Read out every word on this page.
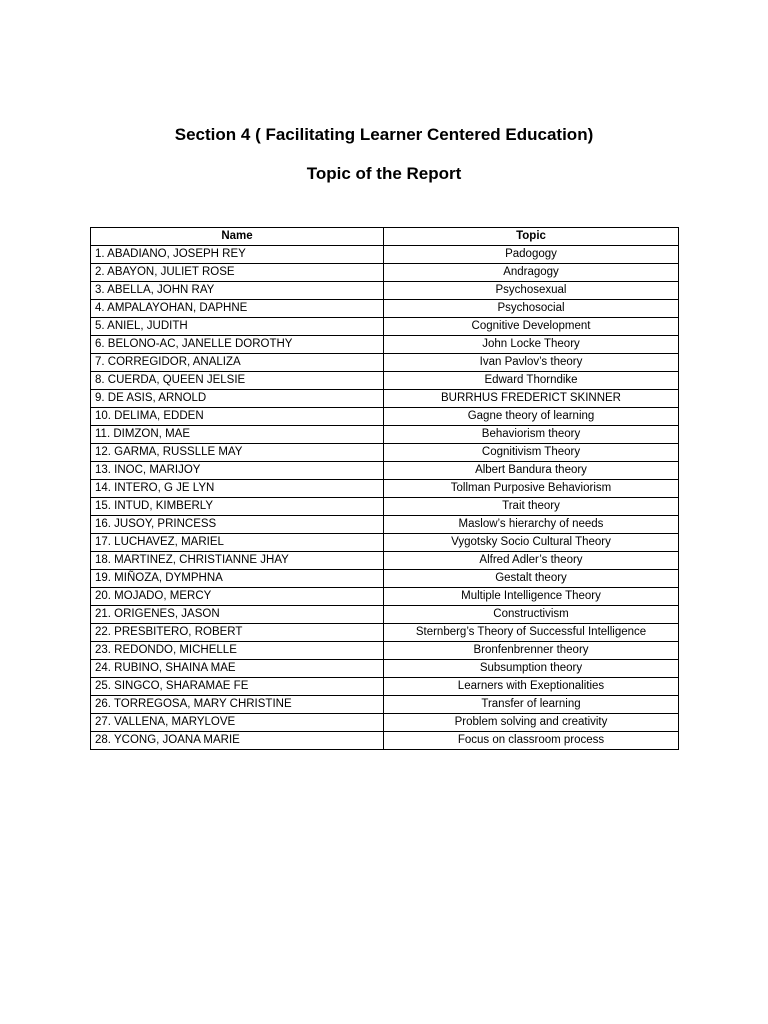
Section 4 ( Facilitating Learner Centered Education)
Topic of the Report
Name	Topic
1. ABADIANO, JOSEPH REY	Padogogy
2. ABAYON, JULIET ROSE	Andragogy
3. ABELLA, JOHN RAY	Psychosexual
4. AMPALAYOHAN, DAPHNE	Psychosocial
5. ANIEL, JUDITH	Cognitive Development
6. BELONO-AC, JANELLE DOROTHY	John Locke Theory
7. CORREGIDOR, ANALIZA	Ivan Pavlov’s theory
8. CUERDA, QUEEN JELSIE	Edward Thorndike
9. DE ASIS, ARNOLD	BURRHUS FREDERICT SKINNER
10. DELIMA, EDDEN	Gagne theory of learning
11. DIMZON, MAE	Behaviorism theory
12. GARMA, RUSSLLE MAY	Cognitivism Theory
13. INOC, MARIJOY	Albert Bandura theory
14. INTERO, G JE LYN	Tollman Purposive Behaviorism
15. INTUD, KIMBERLY	Trait theory
16. JUSOY, PRINCESS	Maslow’s hierarchy of needs
17. LUCHAVEZ, MARIEL	Vygotsky Socio Cultural Theory
18. MARTINEZ, CHRISTIANNE JHAY	Alfred Adler’s theory
19. MIÑOZA, DYMPHNA	Gestalt theory
20. MOJADO, MERCY	Multiple Intelligence Theory
21. ORIGENES, JASON	Constructivism
22. PRESBITERO, ROBERT	Sternberg’s Theory of Successful Intelligence
23. REDONDO, MICHELLE	Bronfenbrenner theory
24. RUBINO, SHAINA MAE	Subsumption theory
25. SINGCO, SHARAMAE FE	Learners with Exeptionalities
26. TORREGOSA, MARY CHRISTINE	Transfer of learning
27. VALLENA, MARYLOVE	Problem solving and creativity
28. YCONG, JOANA MARIE	Focus on classroom process
